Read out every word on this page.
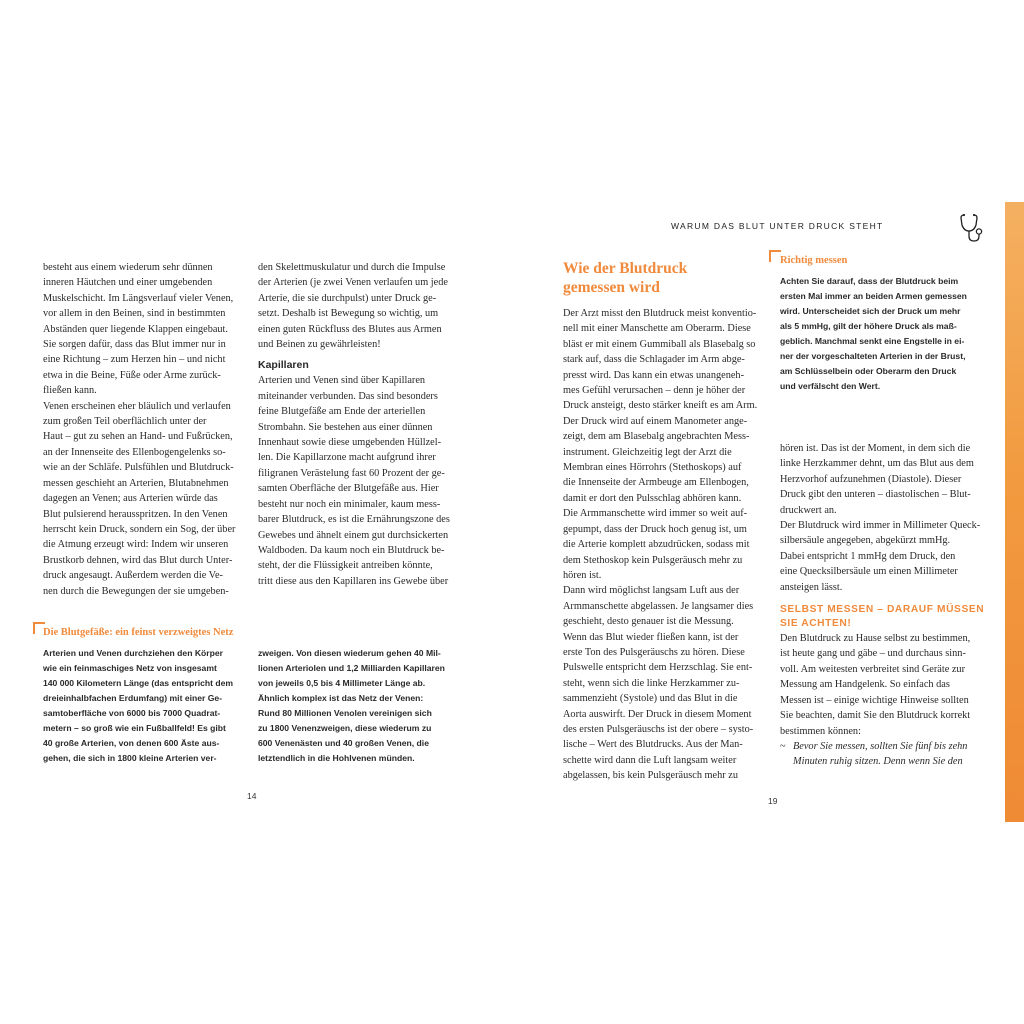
besteht aus einem wiederum sehr dünnen
inneren Häutchen und einer umgebenden
Muskelschicht. Im Längsverlauf vieler Venen,
vor allem in den Beinen, sind in bestimmten
Abständen quer liegende Klappen eingebaut.
Sie sorgen dafür, dass das Blut immer nur in
eine Richtung – zum Herzen hin – und nicht
etwa in die Beine, Füße oder Arme zurück-
fließen kann.
Venen erscheinen eher bläulich und verlaufen
zum großen Teil oberflächlich unter der
Haut – gut zu sehen an Hand- und Fußrücken,
an der Innenseite des Ellenbogengelenks so-
wie an der Schläfe. Pulsfühlen und Blutdruck-
messen geschieht an Arterien, Blutabnehmen
dagegen an Venen; aus Arterien würde das
Blut pulsierend herausspritzen. In den Venen
herrscht kein Druck, sondern ein Sog, der über
die Atmung erzeugt wird: Indem wir unseren
Brustkorb dehnen, wird das Blut durch Unter-
druck angesaugt. Außerdem werden die Ve-
nen durch die Bewegungen der sie umgeben-
den Skelettmuskulatur und durch die Impulse
der Arterien (je zwei Venen verlaufen um jede
Arterie, die sie durchpulst) unter Druck ge-
setzt. Deshalb ist Bewegung so wichtig, um
einen guten Rückfluss des Blutes aus Armen
und Beinen zu gewährleisten!
Kapillaren
Arterien und Venen sind über Kapillaren
miteinander verbunden. Das sind besonders
feine Blutgefäße am Ende der arteriellen
Strombahn. Sie bestehen aus einer dünnen
Innenhaut sowie diese umgebenden Hüllzel-
len. Die Kapillarzone macht aufgrund ihrer
filigranen Verästelung fast 60 Prozent der ge-
samten Oberfläche der Blutgefäße aus. Hier
besteht nur noch ein minimaler, kaum mess-
barer Blutdruck, es ist die Ernährungszone des
Gewebes und ähnelt einem gut durchsickerten
Waldboden. Da kaum noch ein Blutdruck be-
steht, der die Flüssigkeit antreiben könnte,
tritt diese aus den Kapillaren ins Gewebe über
Die Blutgefäße: ein feinst verzweigtes Netz
Arterien und Venen durchziehen den Körper
wie ein feinmaschiges Netz von insgesamt
140 000 Kilometern Länge (das entspricht dem
dreieinhalbfachen Erdumfang) mit einer Ge-
samtoberfläche von 6000 bis 7000 Quadrat-
metern – so groß wie ein Fußballfeld! Es gibt
40 große Arterien, von denen 600 Äste aus-
gehen, die sich in 1800 kleine Arterien ver-
zweigen. Von diesen wiederum gehen 40 Mil-
lionen Arteriolen und 1,2 Milliarden Kapillaren
von jeweils 0,5 bis 4 Millimeter Länge ab.
Ähnlich komplex ist das Netz der Venen:
Rund 80 Millionen Venolen vereinigen sich
zu 1800 Venenzweigen, diese wiederum zu
600 Venenästen und 40 großen Venen, die
letztendlich in die Hohlvenen münden.
14
WARUM DAS BLUT UNTER DRUCK STEHT
Wie der Blutdruck gemessen wird
Der Arzt misst den Blutdruck meist konventio-
nell mit einer Manschette am Oberarm. Diese
bläst er mit einem Gummiball als Blasebalg so
stark auf, dass die Schlagader im Arm abge-
presst wird. Das kann ein etwas unangeneh-
mes Gefühl verursachen – denn je höher der
Druck ansteigt, desto stärker kneift es am Arm.
Der Druck wird auf einem Manometer ange-
zeigt, dem am Blasebalg angebrachten Mess-
instrument. Gleichzeitig legt der Arzt die
Membran eines Hörrohrs (Stethoskops) auf
die Innenseite der Armbeuge am Ellenbogen,
damit er dort den Pulsschlag abhören kann.
Die Armmanschette wird immer so weit auf-
gepumpt, dass der Druck hoch genug ist, um
die Arterie komplett abzudrücken, sodass mit
dem Stethoskop kein Pulsgeräusch mehr zu
hören ist.
Dann wird möglichst langsam Luft aus der
Armmanschette abgelassen. Je langsamer dies
geschieht, desto genauer ist die Messung.
Wenn das Blut wieder fließen kann, ist der
erste Ton des Pulsgeräuschs zu hören. Diese
Pulswelle entspricht dem Herzschlag. Sie ent-
steht, wenn sich die linke Herzkammer zu-
sammenzieht (Systole) und das Blut in die
Aorta auswirft. Der Druck in diesem Moment
des ersten Pulsgeräuschs ist der obere – systo-
lische – Wert des Blutdrucks. Aus der Man-
schette wird dann die Luft langsam weiter
abgelassen, bis kein Pulsgeräusch mehr zu
Richtig messen
Achten Sie darauf, dass der Blutdruck beim
ersten Mal immer an beiden Armen gemessen
wird. Unterscheidet sich der Druck um mehr
als 5 mmHg, gilt der höhere Druck als maß-
geblich. Manchmal senkt eine Engstelle in ei-
ner der vorgeschalteten Arterien in der Brust,
am Schlüsselbein oder Oberarm den Druck
und verfälscht den Wert.
hören ist. Das ist der Moment, in dem sich die
linke Herzkammer dehnt, um das Blut aus dem
Herzvorhof aufzunehmen (Diastole). Dieser
Druck gibt den unteren – diastolischen – Blut-
druckwert an.
Der Blutdruck wird immer in Millimeter Queck-
silbersäule angegeben, abgekürzt mmHg.
Dabei entspricht 1 mmHg dem Druck, den
eine Quecksilbersäule um einen Millimeter
ansteigen lässt.
SELBST MESSEN – DARAUF MÜSSEN SIE ACHTEN!
Den Blutdruck zu Hause selbst zu bestimmen,
ist heute gang und gäbe – und durchaus sinn-
voll. Am weitesten verbreitet sind Geräte zur
Messung am Handgelenk. So einfach das
Messen ist – einige wichtige Hinweise sollten
Sie beachten, damit Sie den Blutdruck korrekt
bestimmen können:
~ Bevor Sie messen, sollten Sie fünf bis zehn
Minuten ruhig sitzen. Denn wenn Sie den
19
